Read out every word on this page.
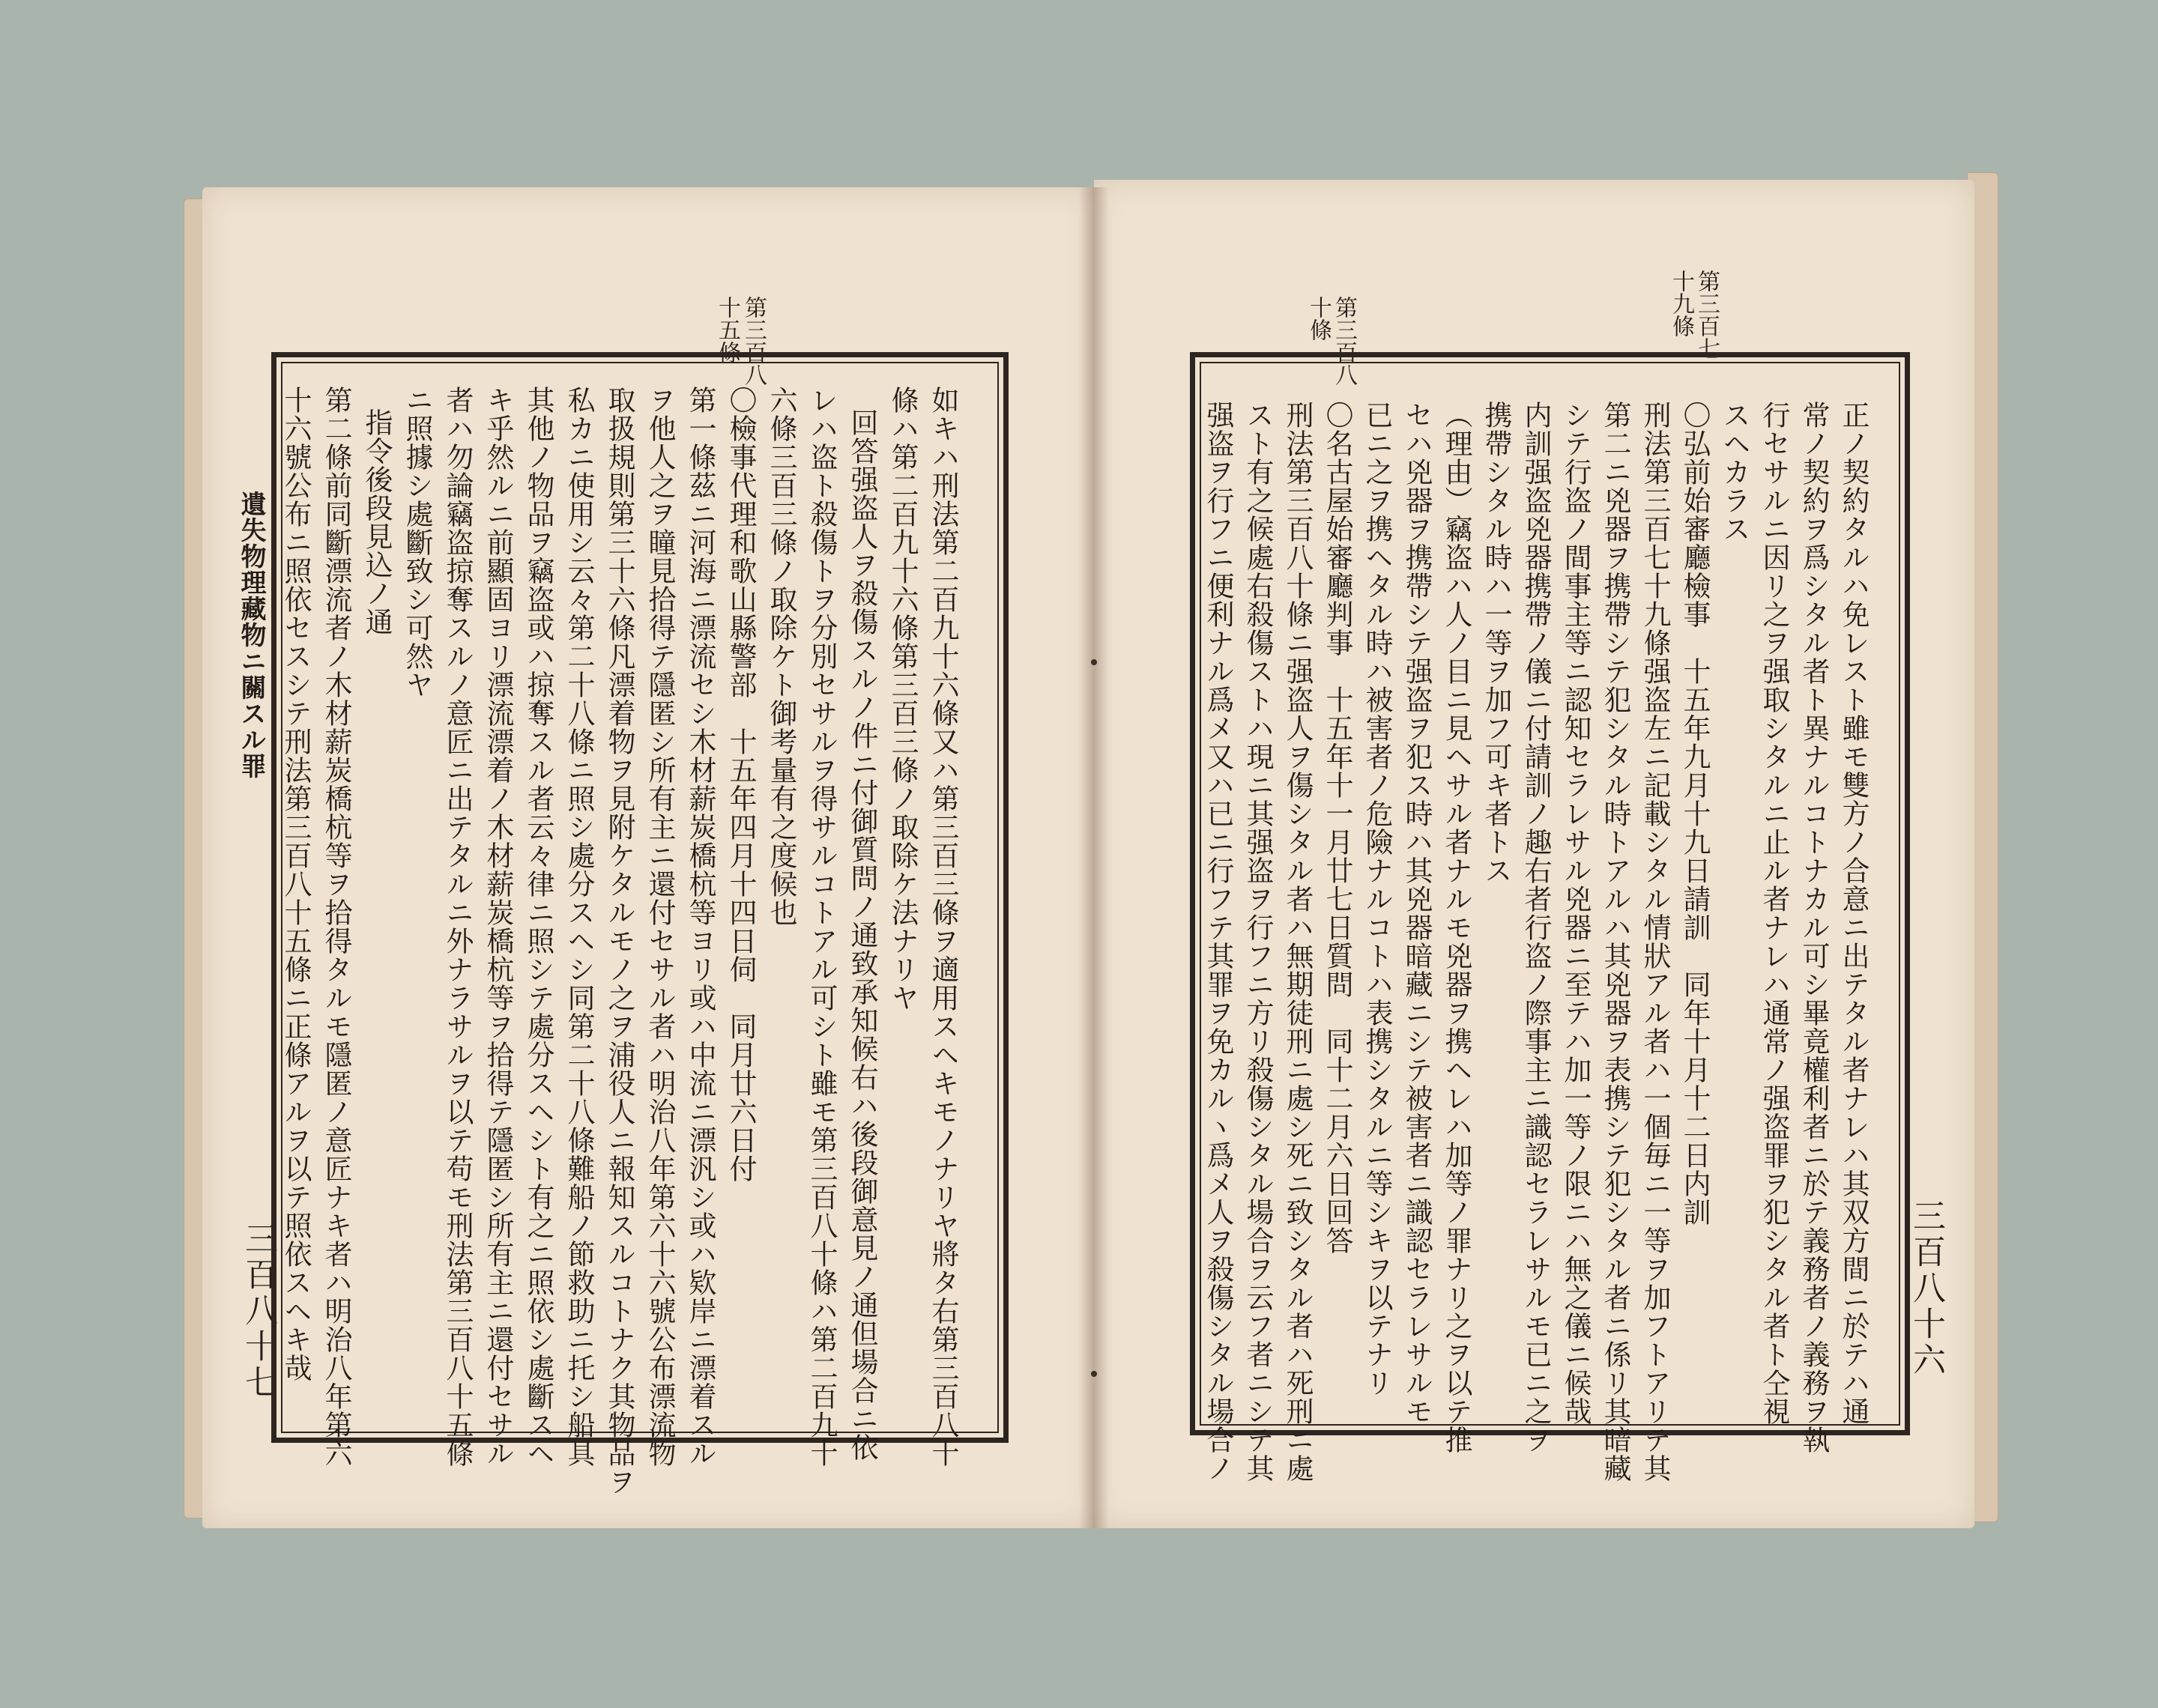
遺失物理藏物ニ關スル罪
三百八十七
第三百八
十五條
如キハ刑法第二百九十六條又ハ第三百三條ヲ適用スヘキモノナリヤ將タ右第三百八十
條ハ第二百九十六條第三百三條ノ取除ケ法ナリヤ
回答强盗人ヲ殺傷スルノ件ニ付御質問ノ通致承知候右ハ後段御意見ノ通但場合ニ依
レハ盗ト殺傷トヲ分別セサルヲ得サルコトアル可シト雖モ第三百八十條ハ第二百九十
六條三百三條ノ取除ケト御考量有之度候也
〇檢事代理和歌山縣警部　十五年四月十四日伺　同月廿六日付
第一條茲ニ河海ニ漂流セシ木材薪炭橋杭等ヨリ或ハ中流ニ漂汎シ或ハ欵岸ニ漂着スル
ヲ他人之ヲ瞳見拾得テ隱匿シ所有主ニ還付セサル者ハ明治八年第六十六號公布漂流物
取扱規則第三十六條凡漂着物ヲ見附ケタルモノ之ヲ浦役人ニ報知スルコトナク其物品ヲ
私カニ使用シ云々第二十八條ニ照シ處分スヘシ同第二十八條難船ノ節救助ニ托シ船具
其他ノ物品ヲ竊盗或ハ掠奪スル者云々律ニ照シテ處分スヘシト有之ニ照依シ處斷スヘ
キ乎然ルニ前顯固ヨリ漂流漂着ノ木材薪炭橋杭等ヲ拾得テ隱匿シ所有主ニ還付セサル
者ハ勿論竊盗掠奪スルノ意匠ニ出テタルニ外ナラサルヲ以テ苟モ刑法第三百八十五條
ニ照據シ處斷致シ可然ヤ
指令後段見込ノ通
第二條前同斷漂流者ノ木材薪炭橋杭等ヲ拾得タルモ隱匿ノ意匠ナキ者ハ明治八年第六
十六號公布ニ照依セスシテ刑法第三百八十五條ニ正條アルヲ以テ照依スヘキ哉	三百八十六
第三百七
十九條
第三百八
十條
正ノ契約タルハ免レスト雖モ雙方ノ合意ニ出テタル者ナレハ其双方間ニ於テハ通
常ノ契約ヲ爲シタル者ト異ナルコトナカル可シ畢竟權利者ニ於テ義務者ノ義務ヲ執
行セサルニ因リ之ヲ强取シタルニ止ル者ナレハ通常ノ强盗罪ヲ犯シタル者ト仝視
スヘカラス
〇弘前始審廳檢事　十五年九月十九日請訓　同年十月十二日内訓
刑法第三百七十九條强盗左ニ記載シタル情狀アル者ハ一個毎ニ一等ヲ加フトアリテ其
第二ニ兇器ヲ携帶シテ犯シタル時トアルハ其兇器ヲ表携シテ犯シタル者ニ係リ其暗藏
シテ行盗ノ間事主等ニ認知セラレサル兇器ニ至テハ加一等ノ限ニハ無之儀ニ候哉
内訓强盗兇器携帶ノ儀ニ付請訓ノ趣右者行盗ノ際事主ニ識認セラレサルモ已ニ之ヲ
携帶シタル時ハ一等ヲ加フ可キ者トス
（理由）竊盗ハ人ノ目ニ見ヘサル者ナルモ兇器ヲ携ヘレハ加等ノ罪ナリ之ヲ以テ推
セハ兇器ヲ携帶シテ强盗ヲ犯ス時ハ其兇器暗藏ニシテ被害者ニ識認セラレサルモ
已ニ之ヲ携ヘタル時ハ被害者ノ危險ナルコトハ表携シタルニ等シキヲ以テナリ
〇名古屋始審廳判事　十五年十一月廿七日質問　同十二月六日回答
刑法第三百八十條ニ强盗人ヲ傷シタル者ハ無期徒刑ニ處シ死ニ致シタル者ハ死刑ニ處
スト有之候處右殺傷ストハ現ニ其强盗ヲ行フニ方リ殺傷シタル場合ヲ云フ者ニシテ其
强盗ヲ行フニ便利ナル爲メ又ハ已ニ行フテ其罪ヲ免カルヽ爲メ人ヲ殺傷シタル場合ノ
